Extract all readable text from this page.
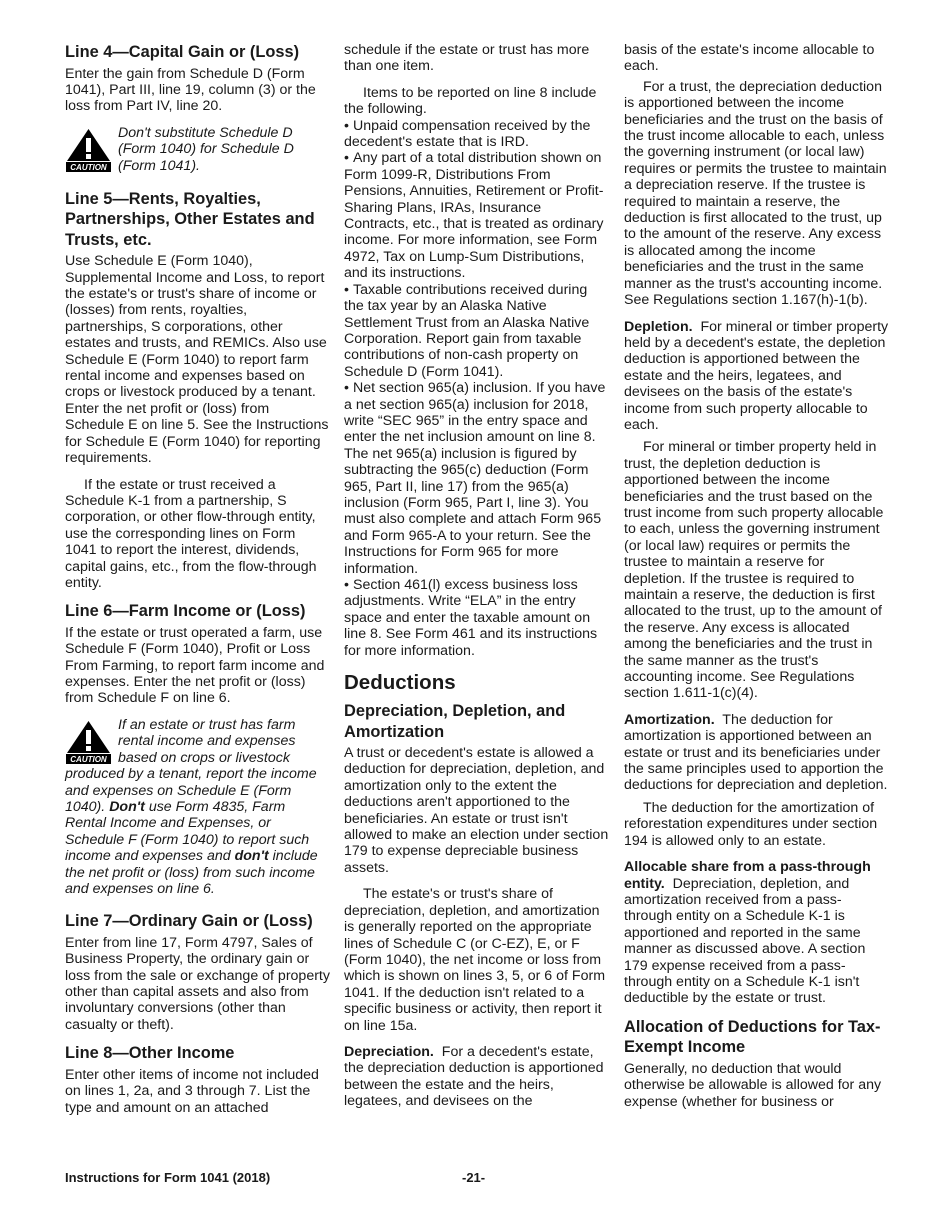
Line 4—Capital Gain or (Loss)

Enter the gain from Schedule D (Form 1041), Part III, line 19, column (3) or the loss from Part IV, line 20.

CAUTION
Don't substitute Schedule D (Form 1040) for Schedule D (Form 1041).
Line 5—Rents, Royalties, Partnerships, Other Estates and Trusts, etc.

Use Schedule E (Form 1040), Supplemental Income and Loss, to report the estate's or trust's share of income or (losses) from rents, royalties, partnerships, S corporations, other estates and trusts, and REMICs. Also use Schedule E (Form 1040) to report farm rental income and expenses based on crops or livestock produced by a tenant. Enter the net profit or (loss) from Schedule E on line 5. See the Instructions for Schedule E (Form 1040) for reporting requirements.

If the estate or trust received a Schedule K-1 from a partnership, S corporation, or other flow-through entity, use the corresponding lines on Form 1041 to report the interest, dividends, capital gains, etc., from the flow-through entity.

Line 6—Farm Income or (Loss)

If the estate or trust operated a farm, use Schedule F (Form 1040), Profit or Loss From Farming, to report farm income and expenses. Enter the net profit or (loss) from Schedule F on line 6.

CAUTION
If an estate or trust has farm rental income and expenses based on crops or livestock produced by a tenant, report the income and expenses on Schedule E (Form 1040). Don't use Form 4835, Farm Rental Income and Expenses, or Schedule F (Form 1040) to report such income and expenses and don't include the net profit or (loss) from such income and expenses on line 6.
Line 7—Ordinary Gain or (Loss)

Enter from line 17, Form 4797, Sales of Business Property, the ordinary gain or loss from the sale or exchange of property other than capital assets and also from involuntary conversions (other than casualty or theft).

Line 8—Other Income

Enter other items of income not included on lines 1, 2a, and 3 through 7. List the type and amount on an attached

schedule if the estate or trust has more than one item.

Items to be reported on line 8 include the following.

• Unpaid compensation received by the decedent's estate that is IRD.
• Any part of a total distribution shown on Form 1099-R, Distributions From Pensions, Annuities, Retirement or Profit-Sharing Plans, IRAs, Insurance Contracts, etc., that is treated as ordinary income. For more information, see Form 4972, Tax on Lump-Sum Distributions, and its instructions.
• Taxable contributions received during the tax year by an Alaska Native Settlement Trust from an Alaska Native Corporation. Report gain from taxable contributions of non-cash property on Schedule D (Form 1041).
• Net section 965(a) inclusion. If you have a net section 965(a) inclusion for 2018, write “SEC 965” in the entry space and enter the net inclusion amount on line 8. The net 965(a) inclusion is figured by subtracting the 965(c) deduction (Form 965, Part II, line 17) from the 965(a) inclusion (Form 965, Part I, line 3). You must also complete and attach Form 965 and Form 965-A to your return. See the Instructions for Form 965 for more information.
• Section 461(l) excess business loss adjustments. Write “ELA” in the entry space and enter the taxable amount on line 8. See Form 461 and its instructions for more information.
Deductions
Depreciation, Depletion, and Amortization

A trust or decedent's estate is allowed a deduction for depreciation, depletion, and amortization only to the extent the deductions aren't apportioned to the beneficiaries. An estate or trust isn't allowed to make an election under section 179 to expense depreciable business assets.

The estate's or trust's share of depreciation, depletion, and amortization is generally reported on the appropriate lines of Schedule C (or C-EZ), E, or F (Form 1040), the net income or loss from which is shown on lines 3, 5, or 6 of Form 1041. If the deduction isn't related to a specific business or activity, then report it on line 15a.

Depreciation. For a decedent's estate, the depreciation deduction is apportioned between the estate and the heirs, legatees, and devisees on the

basis of the estate's income allocable to each.

For a trust, the depreciation deduction is apportioned between the income beneficiaries and the trust on the basis of the trust income allocable to each, unless the governing instrument (or local law) requires or permits the trustee to maintain a depreciation reserve. If the trustee is required to maintain a reserve, the deduction is first allocated to the trust, up to the amount of the reserve. Any excess is allocated among the income beneficiaries and the trust in the same manner as the trust's accounting income. See Regulations section 1.167(h)-1(b).

Depletion. For mineral or timber property held by a decedent's estate, the depletion deduction is apportioned between the estate and the heirs, legatees, and devisees on the basis of the estate's income from such property allocable to each.

For mineral or timber property held in trust, the depletion deduction is apportioned between the income beneficiaries and the trust based on the trust income from such property allocable to each, unless the governing instrument (or local law) requires or permits the trustee to maintain a reserve for depletion. If the trustee is required to maintain a reserve, the deduction is first allocated to the trust, up to the amount of the reserve. Any excess is allocated among the beneficiaries and the trust in the same manner as the trust's accounting income. See Regulations section 1.611-1(c)(4).

Amortization. The deduction for amortization is apportioned between an estate or trust and its beneficiaries under the same principles used to apportion the deductions for depreciation and depletion.

The deduction for the amortization of reforestation expenditures under section 194 is allowed only to an estate.

Allocable share from a pass-through entity. Depreciation, depletion, and amortization received from a pass-through entity on a Schedule K-1 is apportioned and reported in the same manner as discussed above. A section 179 expense received from a pass-through entity on a Schedule K-1 isn't deductible by the estate or trust.

Allocation of Deductions for Tax-Exempt Income

Generally, no deduction that would otherwise be allowable is allowed for any expense (whether for business or

Instructions for Form 1041 (2018)	-21-
